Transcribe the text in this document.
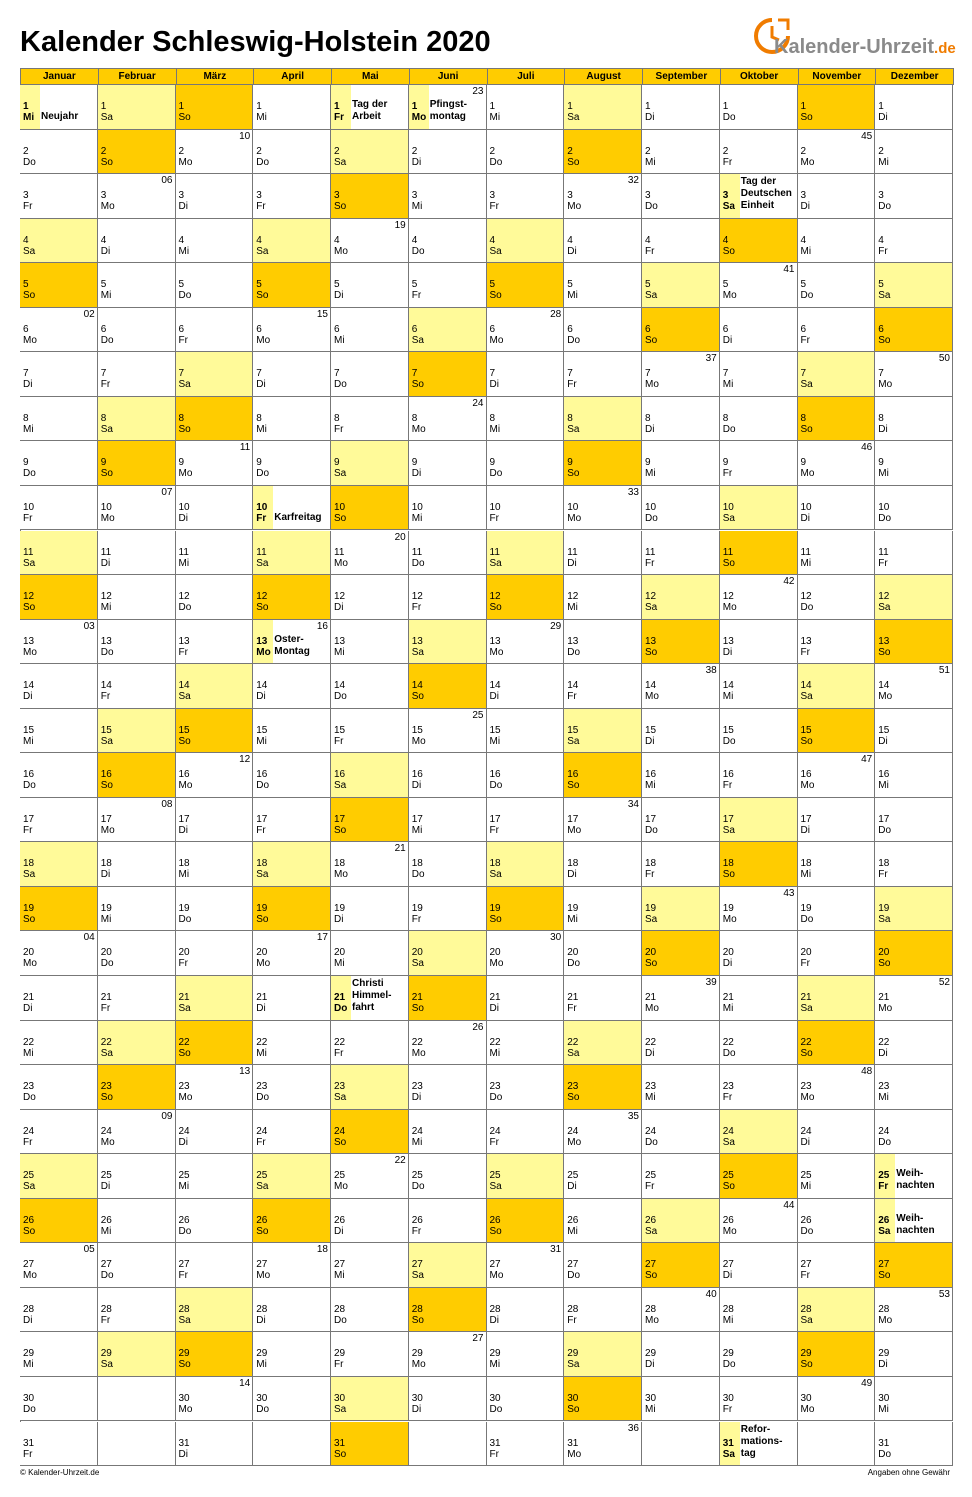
Kalender Schleswig-Holstein 2020	Kalender-Uhrzeit.de
Januar
1
Mi Neujahr
2
Do
3
Fr
4
Sa
5
So
6
Mo
02
7
Di
8
Mi
9
Do
10
Fr
11
Sa
12
So
13
Mo
03
14
Di
15
Mi
16
Do
17
Fr
18
Sa
19
So
20
Mo
04
21
Di
22
Mi
23
Do
24
Fr
25
Sa
26
So
27
Mo
05
28
Di
29
Mi
30
Do
31
Fr
Februar
1
Sa
2
So
3
Mo
06
4
Di
5
Mi
6
Do
7
Fr
8
Sa
9
So
10
Mo
07
11
Di
12
Mi
13
Do
14
Fr
15
Sa
16
So
17
Mo
08
18
Di
19
Mi
20
Do
21
Fr
22
Sa
23
So
24
Mo
09
25
Di
26
Mi
27
Do
28
Fr
29
Sa
März
1
So
2
Mo
10
3
Di
4
Mi
5
Do
6
Fr
7
Sa
8
So
9
Mo
11
10
Di
11
Mi
12
Do
13
Fr
14
Sa
15
So
16
Mo
12
17
Di
18
Mi
19
Do
20
Fr
21
Sa
22
So
23
Mo
13
24
Di
25
Mi
26
Do
27
Fr
28
Sa
29
So
30
Mo
14
31
Di
April
1
Mi
2
Do
3
Fr
4
Sa
5
So
6
Mo
15
7
Di
8
Mi
9
Do
10
Fr Karfreitag
11
Sa
12
So
13
Mo
Oster-
Montag
16
14
Di
15
Mi
16
Do
17
Fr
18
Sa
19
So
20
Mo
17
21
Di
22
Mi
23
Do
24
Fr
25
Sa
26
So
27
Mo
18
28
Di
29
Mi
30
Do
Mai
1
Fr
Tag der
Arbeit
2
Sa
3
So
4
Mo
19
5
Di
6
Mi
7
Do
8
Fr
9
Sa
10
So
11
Mo
20
12
Di
13
Mi
14
Do
15
Fr
16
Sa
17
So
18
Mo
21
19
Di
20
Mi
21
Do
Christi
Himmel-
fahrt
22
Fr
23
Sa
24
So
25
Mo
22
26
Di
27
Mi
28
Do
29
Fr
30
Sa
31
So
Juni
1
Mo
Pfingst-
montag
23
2
Di
3
Mi
4
Do
5
Fr
6
Sa
7
So
8
Mo
24
9
Di
10
Mi
11
Do
12
Fr
13
Sa
14
So
15
Mo
25
16
Di
17
Mi
18
Do
19
Fr
20
Sa
21
So
22
Mo
26
23
Di
24
Mi
25
Do
26
Fr
27
Sa
28
So
29
Mo
27
30
Di
Juli
1
Mi
2
Do
3
Fr
4
Sa
5
So
6
Mo
28
7
Di
8
Mi
9
Do
10
Fr
11
Sa
12
So
13
Mo
29
14
Di
15
Mi
16
Do
17
Fr
18
Sa
19
So
20
Mo
30
21
Di
22
Mi
23
Do
24
Fr
25
Sa
26
So
27
Mo
31
28
Di
29
Mi
30
Do
31
Fr
August
1
Sa
2
So
3
Mo
32
4
Di
5
Mi
6
Do
7
Fr
8
Sa
9
So
10
Mo
33
11
Di
12
Mi
13
Do
14
Fr
15
Sa
16
So
17
Mo
34
18
Di
19
Mi
20
Do
21
Fr
22
Sa
23
So
24
Mo
35
25
Di
26
Mi
27
Do
28
Fr
29
Sa
30
So
31
Mo
36
September
1
Di
2
Mi
3
Do
4
Fr
5
Sa
6
So
7
Mo
37
8
Di
9
Mi
10
Do
11
Fr
12
Sa
13
So
14
Mo
38
15
Di
16
Mi
17
Do
18
Fr
19
Sa
20
So
21
Mo
39
22
Di
23
Mi
24
Do
25
Fr
26
Sa
27
So
28
Mo
40
29
Di
30
Mi
Oktober
1
Do
2
Fr
3
Sa
Tag der
Deutschen
Einheit
4
So
5
Mo
41
6
Di
7
Mi
8
Do
9
Fr
10
Sa
11
So
12
Mo
42
13
Di
14
Mi
15
Do
16
Fr
17
Sa
18
So
19
Mo
43
20
Di
21
Mi
22
Do
23
Fr
24
Sa
25
So
26
Mo
44
27
Di
28
Mi
29
Do
30
Fr
31
Sa
Refor-
mations-
tag
November
1
So
2
Mo
45
3
Di
4
Mi
5
Do
6
Fr
7
Sa
8
So
9
Mo
46
10
Di
11
Mi
12
Do
13
Fr
14
Sa
15
So
16
Mo
47
17
Di
18
Mi
19
Do
20
Fr
21
Sa
22
So
23
Mo
48
24
Di
25
Mi
26
Do
27
Fr
28
Sa
29
So
30
Mo
49
Dezember
1
Di
2
Mi
3
Do
4
Fr
5
Sa
6
So
7
Mo
50
8
Di
9
Mi
10
Do
11
Fr
12
Sa
13
So
14
Mo
51
15
Di
16
Mi
17
Do
18
Fr
19
Sa
20
So
21
Mo
52
22
Di
23
Mi
24
Do
25
Fr
Weih-
nachten
26
Sa
Weih-
nachten
27
So
28
Mo
53
29
Di
30
Mi
31
Do
© Kalender-Uhrzeit.de	Angaben ohne Gewähr
